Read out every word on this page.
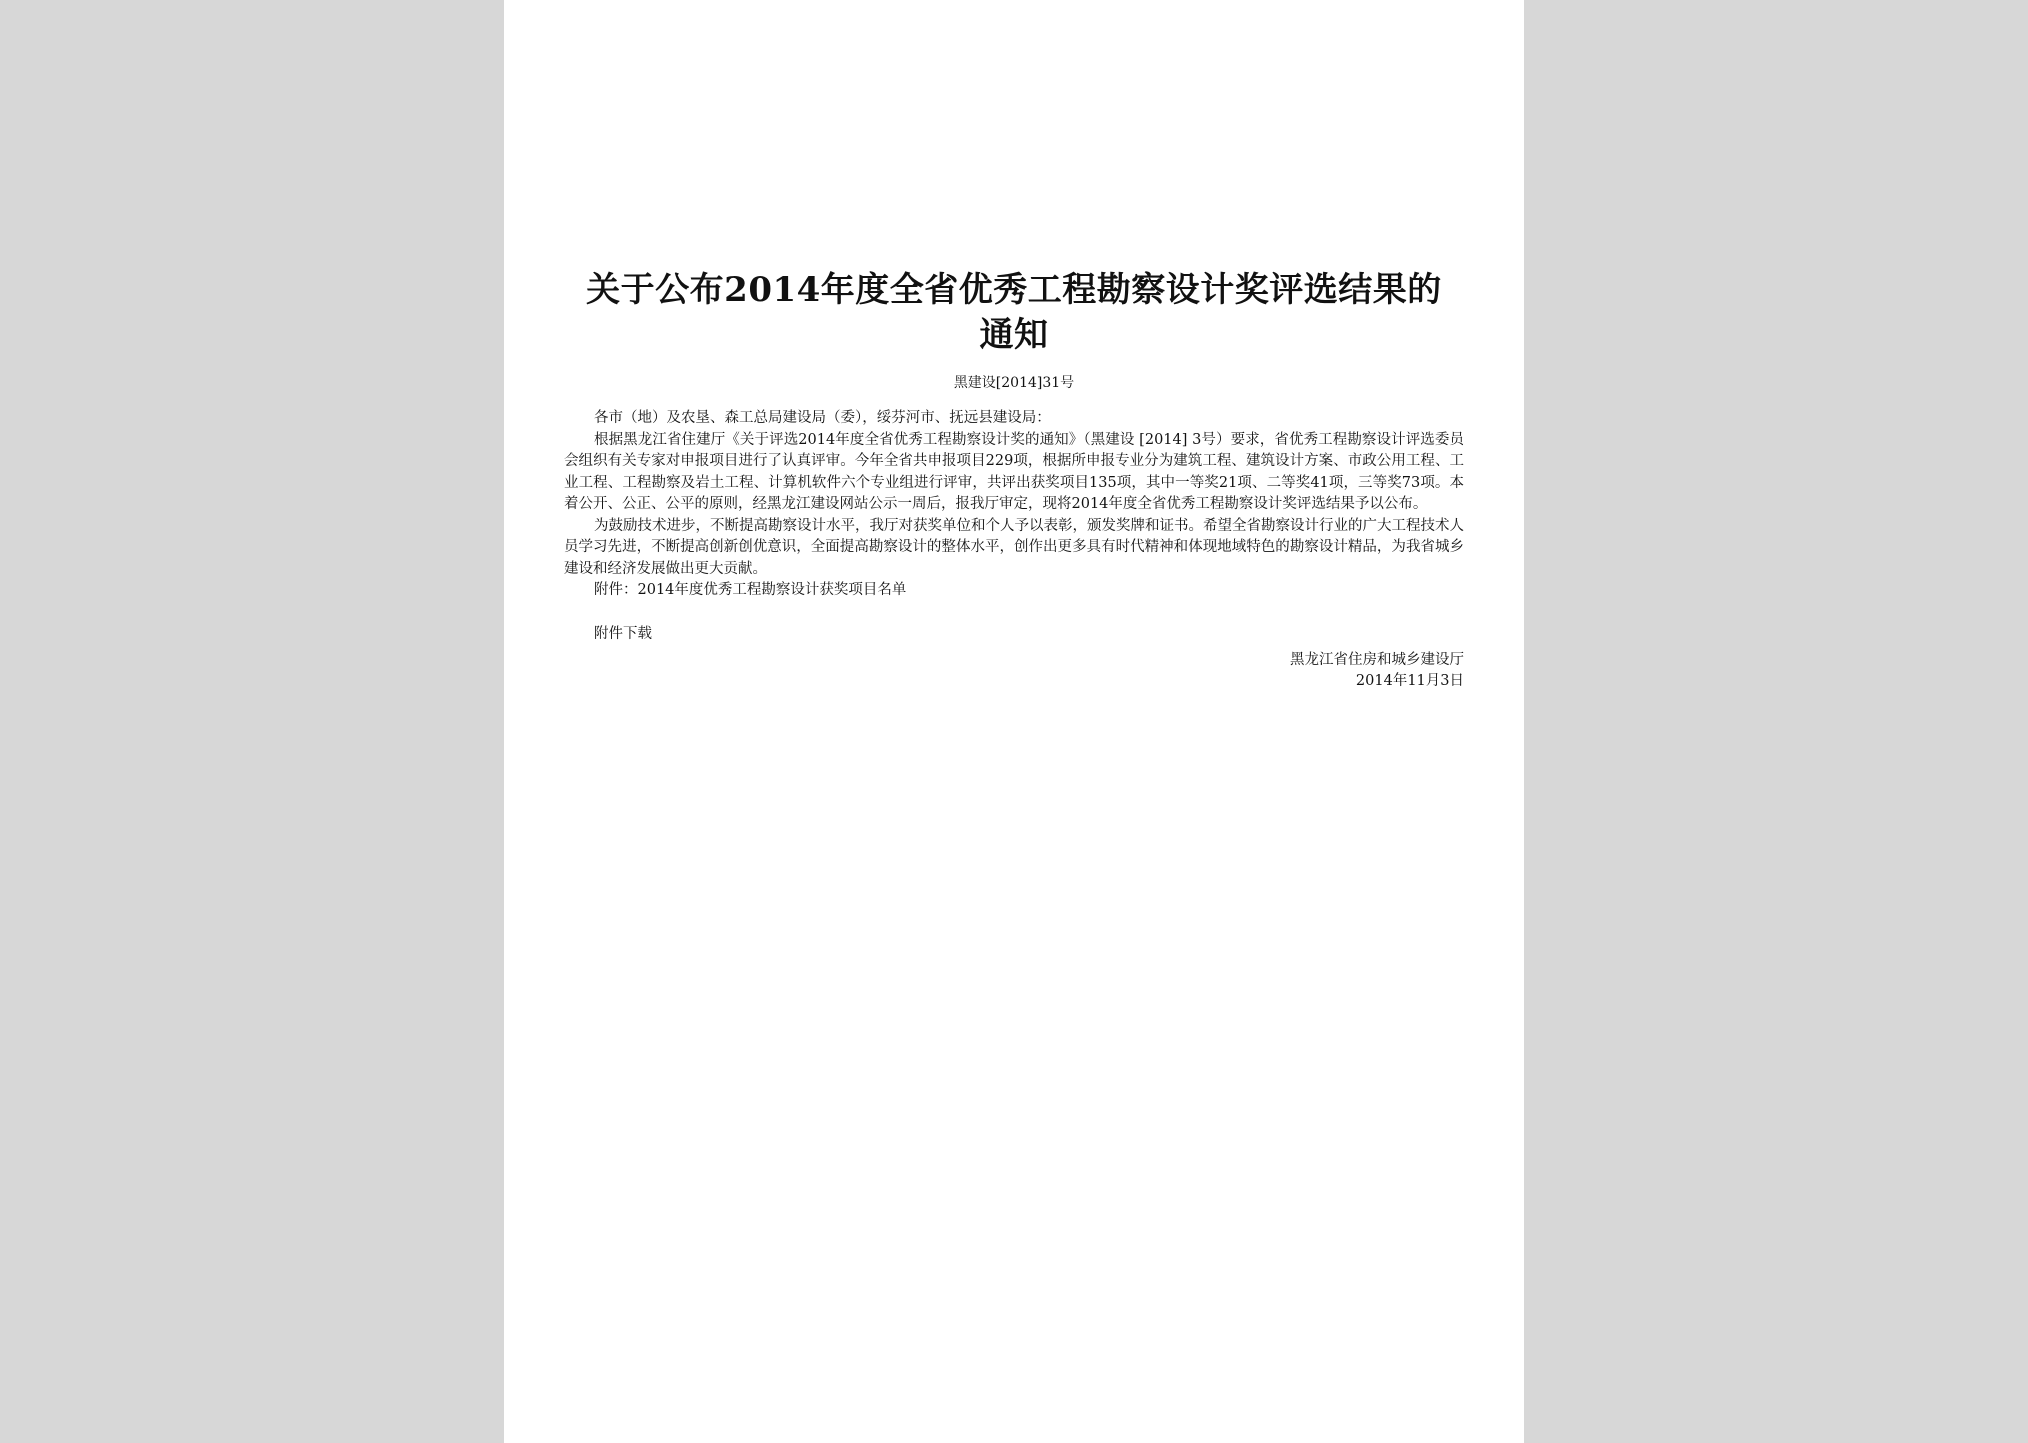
关于公布2014年度全省优秀工程勘察设计奖评选结果的
通知
黑建设[2014]31号

各市（地）及农垦、森工总局建设局（委），绥芬河市、抚远县建设局：

根据黑龙江省住建厅《关于评选2014年度全省优秀工程勘察设计奖的通知》（黑建设 [2014] 3号）要求，省优秀工程勘察设计评选委员会组织有关专家对申报项目进行了认真评审。今年全省共申报项目229项，根据所申报专业分为建筑工程、建筑设计方案、市政公用工程、工业工程、工程勘察及岩土工程、计算机软件六个专业组进行评审，共评出获奖项目135项，其中一等奖21项、二等奖41项，三等奖73项。本着公开、公正、公平的原则，经黑龙江建设网站公示一周后，报我厅审定，现将2014年度全省优秀工程勘察设计奖评选结果予以公布。

为鼓励技术进步，不断提高勘察设计水平，我厅对获奖单位和个人予以表彰，颁发奖牌和证书。希望全省勘察设计行业的广大工程技术人员学习先进，不断提高创新创优意识，全面提高勘察设计的整体水平，创作出更多具有时代精神和体现地域特色的勘察设计精品，为我省城乡建设和经济发展做出更大贡献。

附件：2014年度优秀工程勘察设计获奖项目名单

附件下载
黑龙江省住房和城乡建设厅
2014年11月3日
